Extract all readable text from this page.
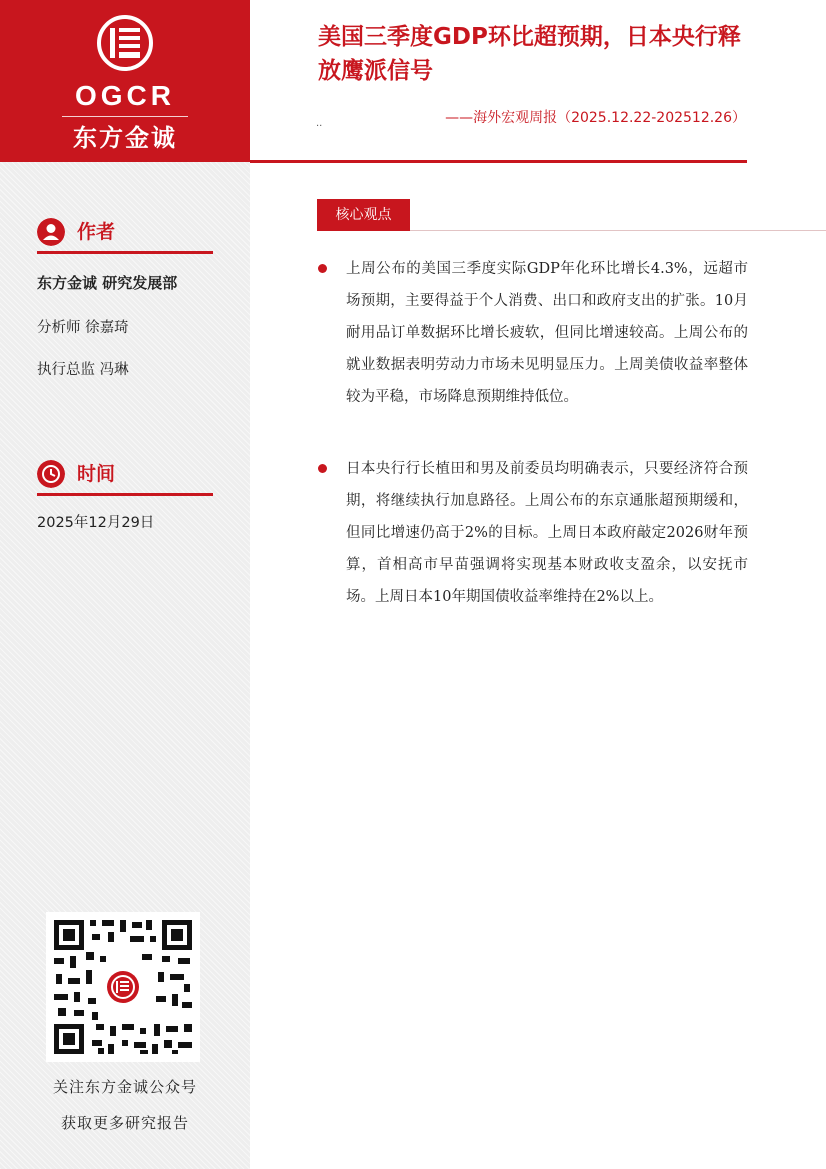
OGCR
东方金诚
作者
东方金诚 研究发展部
分析师 徐嘉琦
执行总监 冯琳
时间
2025年12月29日
关注东方金诚公众号
获取更多研究报告
美国三季度GDP环比超预期，日本央行释放鹰派信号
..	——海外宏观周报（2025.12.22-202512.26）
核心观点
上周公布的美国三季度实际GDP年化环比增长4.3%，远超市场预期，主要得益于个人消费、出口和政府支出的扩张。10月耐用品订单数据环比增长疲软，但同比增速较高。上周公布的就业数据表明劳动力市场未见明显压力。上周美债收益率整体较为平稳，市场降息预期维持低位。
日本央行行长植田和男及前委员均明确表示，只要经济符合预期，将继续执行加息路径。上周公布的东京通胀超预期缓和，但同比增速仍高于2%的目标。上周日本政府敲定2026财年预算，首相高市早苗强调将实现基本财政收支盈余，以安抚市场。上周日本10年期国债收益率维持在2%以上。
